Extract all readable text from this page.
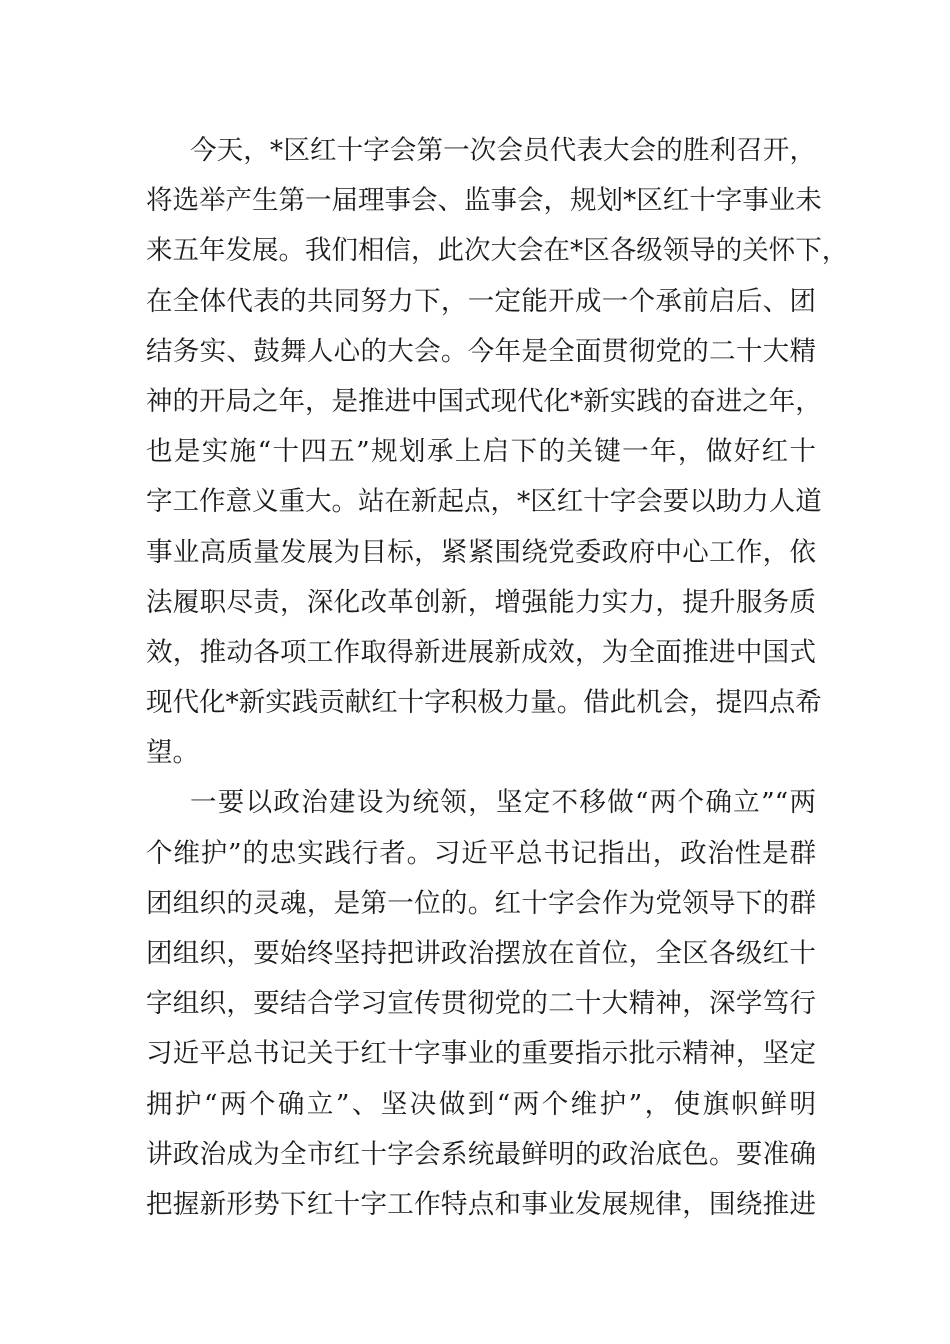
今天，*区红十字会第一次会员代表大会的胜利召开，
将选举产生第一届理事会、监事会，规划*区红十字事业未
来五年发展。我们相信，此次大会在*区各级领导的关怀下，
在全体代表的共同努力下，一定能开成一个承前启后、团
结务实、鼓舞人心的大会。今年是全面贯彻党的二十大精
神的开局之年，是推进中国式现代化*新实践的奋进之年，
也是实施“十四五”规划承上启下的关键一年，做好红十
字工作意义重大。站在新起点，*区红十字会要以助力人道
事业高质量发展为目标，紧紧围绕党委政府中心工作，依
法履职尽责，深化改革创新，增强能力实力，提升服务质
效，推动各项工作取得新进展新成效，为全面推进中国式
现代化*新实践贡献红十字积极力量。借此机会，提四点希
望。
一要以政治建设为统领，坚定不移做“两个确立”“两
个维护”的忠实践行者。习近平总书记指出，政治性是群
团组织的灵魂，是第一位的。红十字会作为党领导下的群
团组织，要始终坚持把讲政治摆放在首位，全区各级红十
字组织，要结合学习宣传贯彻党的二十大精神，深学笃行
习近平总书记关于红十字事业的重要指示批示精神，坚定
拥护“两个确立”、坚决做到“两个维护”，使旗帜鲜明
讲政治成为全市红十字会系统最鲜明的政治底色。要准确
把握新形势下红十字工作特点和事业发展规律，围绕推进
